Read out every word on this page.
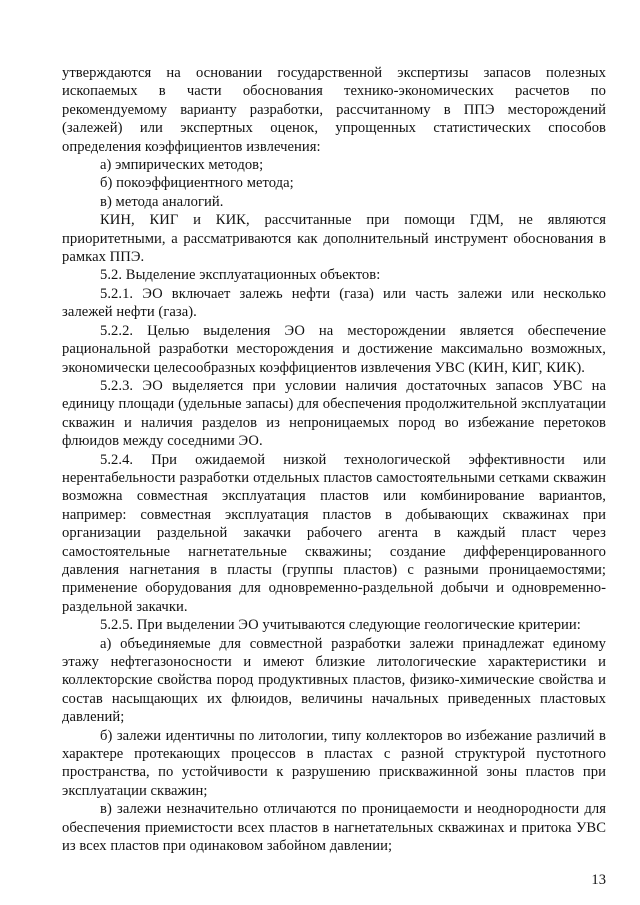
утверждаются на основании государственной экспертизы запасов полезных ископаемых в части обоснования технико-экономических расчетов по рекомендуемому варианту разработки, рассчитанному в ППЭ месторождений (залежей) или экспертных оценок, упрощенных статистических способов определения коэффициентов извлечения:

а) эмпирических методов;

б) покоэффициентного метода;

в) метода аналогий.

КИН, КИГ и КИК, рассчитанные при помощи ГДМ, не являются приоритетными, а рассматриваются как дополнительный инструмент обоснования в рамках ППЭ.

5.2. Выделение эксплуатационных объектов:

5.2.1. ЭО включает залежь нефти (газа) или часть залежи или несколько залежей нефти (газа).

5.2.2. Целью выделения ЭО на месторождении является обеспечение рациональной разработки месторождения и достижение максимально возможных, экономически целесообразных коэффициентов извлечения УВС (КИН, КИГ, КИК).

5.2.3. ЭО выделяется при условии наличия достаточных запасов УВС на единицу площади (удельные запасы) для обеспечения продолжительной эксплуатации скважин и наличия разделов из непроницаемых пород во избежание перетоков флюидов между соседними ЭО.

5.2.4. При ожидаемой низкой технологической эффективности или нерентабельности разработки отдельных пластов самостоятельными сетками скважин возможна совместная эксплуатация пластов или комбинирование вариантов, например: совместная эксплуатация пластов в добывающих скважинах при организации раздельной закачки рабочего агента в каждый пласт через самостоятельные нагнетательные скважины; создание дифференцированного давления нагнетания в пласты (группы пластов) с разными проницаемостями; применение оборудования для одновременно-раздельной добычи и одновременно-раздельной закачки.

5.2.5. При выделении ЭО учитываются следующие геологические критерии:

а) объединяемые для совместной разработки залежи принадлежат единому этажу нефтегазоносности и имеют близкие литологические характеристики и коллекторские свойства пород продуктивных пластов, физико-химические свойства и состав насыщающих их флюидов, величины начальных приведенных пластовых давлений;

б) залежи идентичны по литологии, типу коллекторов во избежание различий в характере протекающих процессов в пластах с разной структурой пустотного пространства, по устойчивости к разрушению прискважинной зоны пластов при эксплуатации скважин;

в) залежи незначительно отличаются по проницаемости и неоднородности для обеспечения приемистости всех пластов в нагнетательных скважинах и притока УВС из всех пластов при одинаковом забойном давлении;

13
